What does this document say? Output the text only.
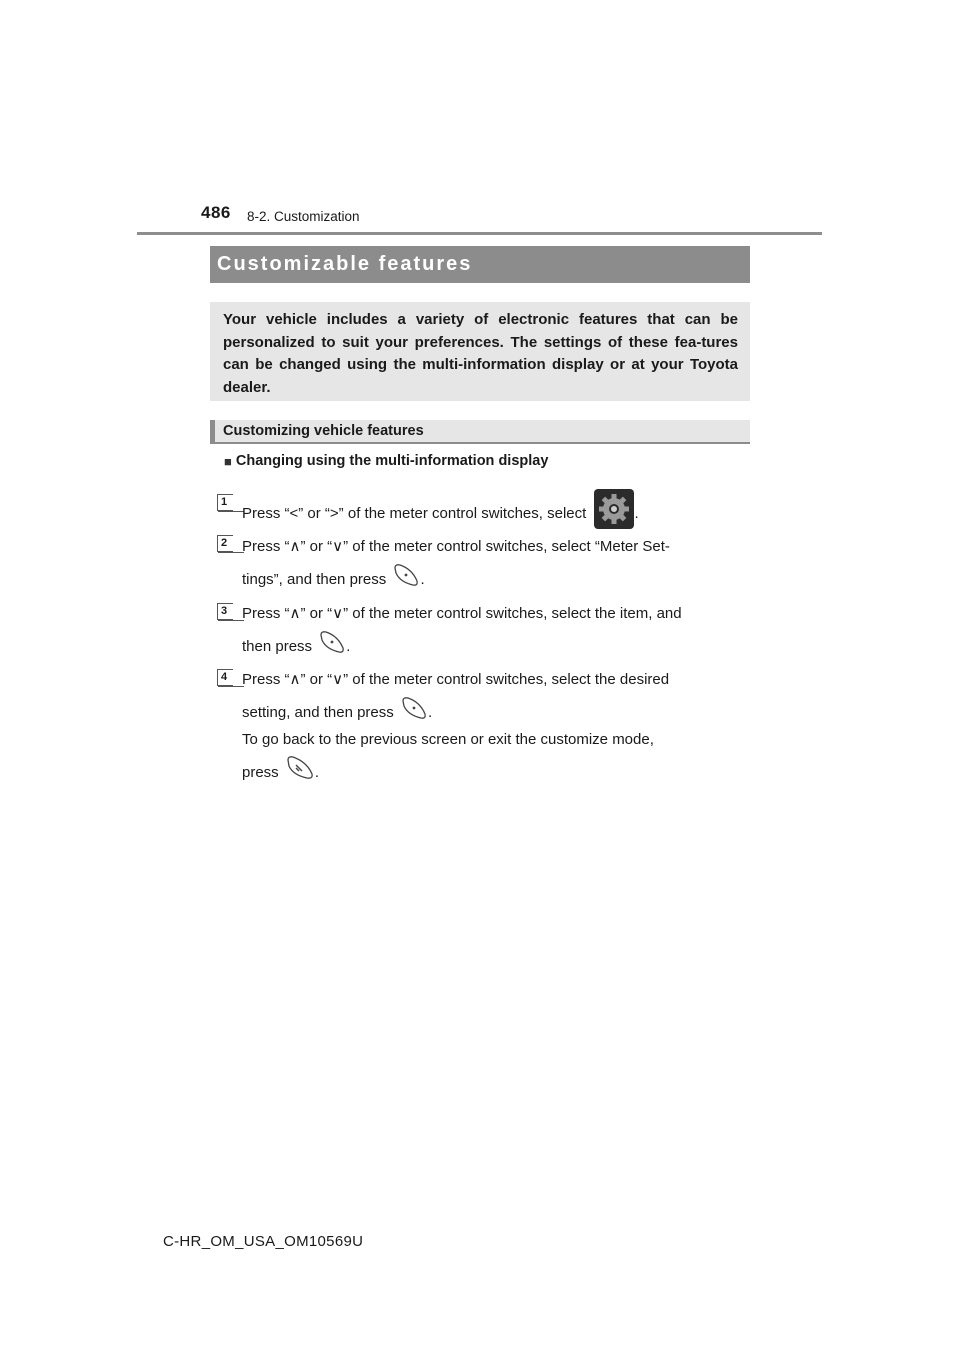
486 8-2. Customization
Customizable features
Your vehicle includes a variety of electronic features that can be personalized to suit your preferences. The settings of these fea-tures can be changed using the multi-information display or at your Toyota dealer.
Customizing vehicle features
■ Changing using the multi-information display
1
Press “<” or “>” of the meter control switches, select	.
2 Press “∧” or “∨” of the meter control switches, select “Meter Set-
tings”, and then press .
3 Press “∧” or “∨” of the meter control switches, select the item, and
then press .
4 Press “∧” or “∨” of the meter control switches, select the desired
setting, and then press .
To go back to the previous screen or exit the customize mode,
press .
C-HR_OM_USA_OM10569U
